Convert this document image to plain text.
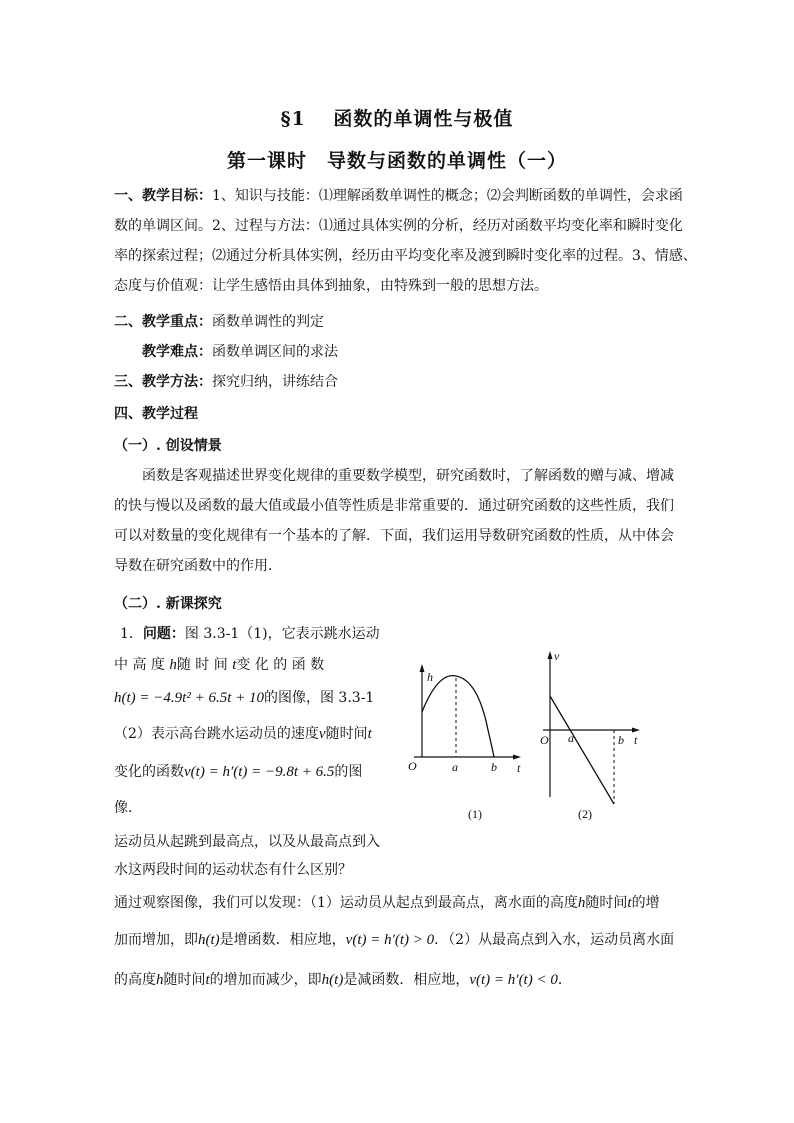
§1　 函数的单调性与极值
第一课时　导数与函数的单调性（一）
一、教学目标：1、知识与技能：⑴理解函数单调性的概念；⑵会判断函数的单调性，会求函
数的单调区间。2、过程与方法：⑴通过具体实例的分析，经历对函数平均变化率和瞬时变化
率的探索过程；⑵通过分析具体实例，经历由平均变化率及渡到瞬时变化率的过程。3、情感、
态度与价值观：让学生感悟由具体到抽象，由特殊到一般的思想方法。
二、教学重点：函数单调性的判定
教学难点：函数单调区间的求法
三、教学方法：探究归纳，讲练结合
四、教学过程
（一）. 创设情景
函数是客观描述世界变化规律的重要数学模型，研究函数时，了解函数的赠与减、增减
的快与慢以及函数的最大值或最小值等性质是非常重要的．通过研究函数的这些性质，我们
可以对数量的变化规律有一个基本的了解．下面，我们运用导数研究函数的性质，从中体会
导数在研究函数中的作用．
（二）. 新课探究
1．问题：图 3.3-1（1)，它表示跳水运动
中 高 度 h随 时 间 t变 化 的 函 数
h(t) = −4.9t² + 6.5t + 10的图像，图 3.3-1
（2）表示高台跳水运动员的速度v随时间t
变化的函数v(t) = h′(t) = −9.8t + 6.5的图
像．
运动员从起跳到最高点，以及从最高点到入
水这两段时间的运动状态有什么区别？
通过观察图像，我们可以发现：（1）运动员从起点到最高点，离水面的高度h随时间t的增
加而增加，即h(t)是增函数．相应地，v(t) = h′(t) > 0．（2）从最高点到入水，运动员离水面
的高度h随时间t的增加而减少，即h(t)是减函数．相应地，v(t) = h′(t) < 0．
h
t
O	a	b
(1)
v
t
O a	b
(2)
